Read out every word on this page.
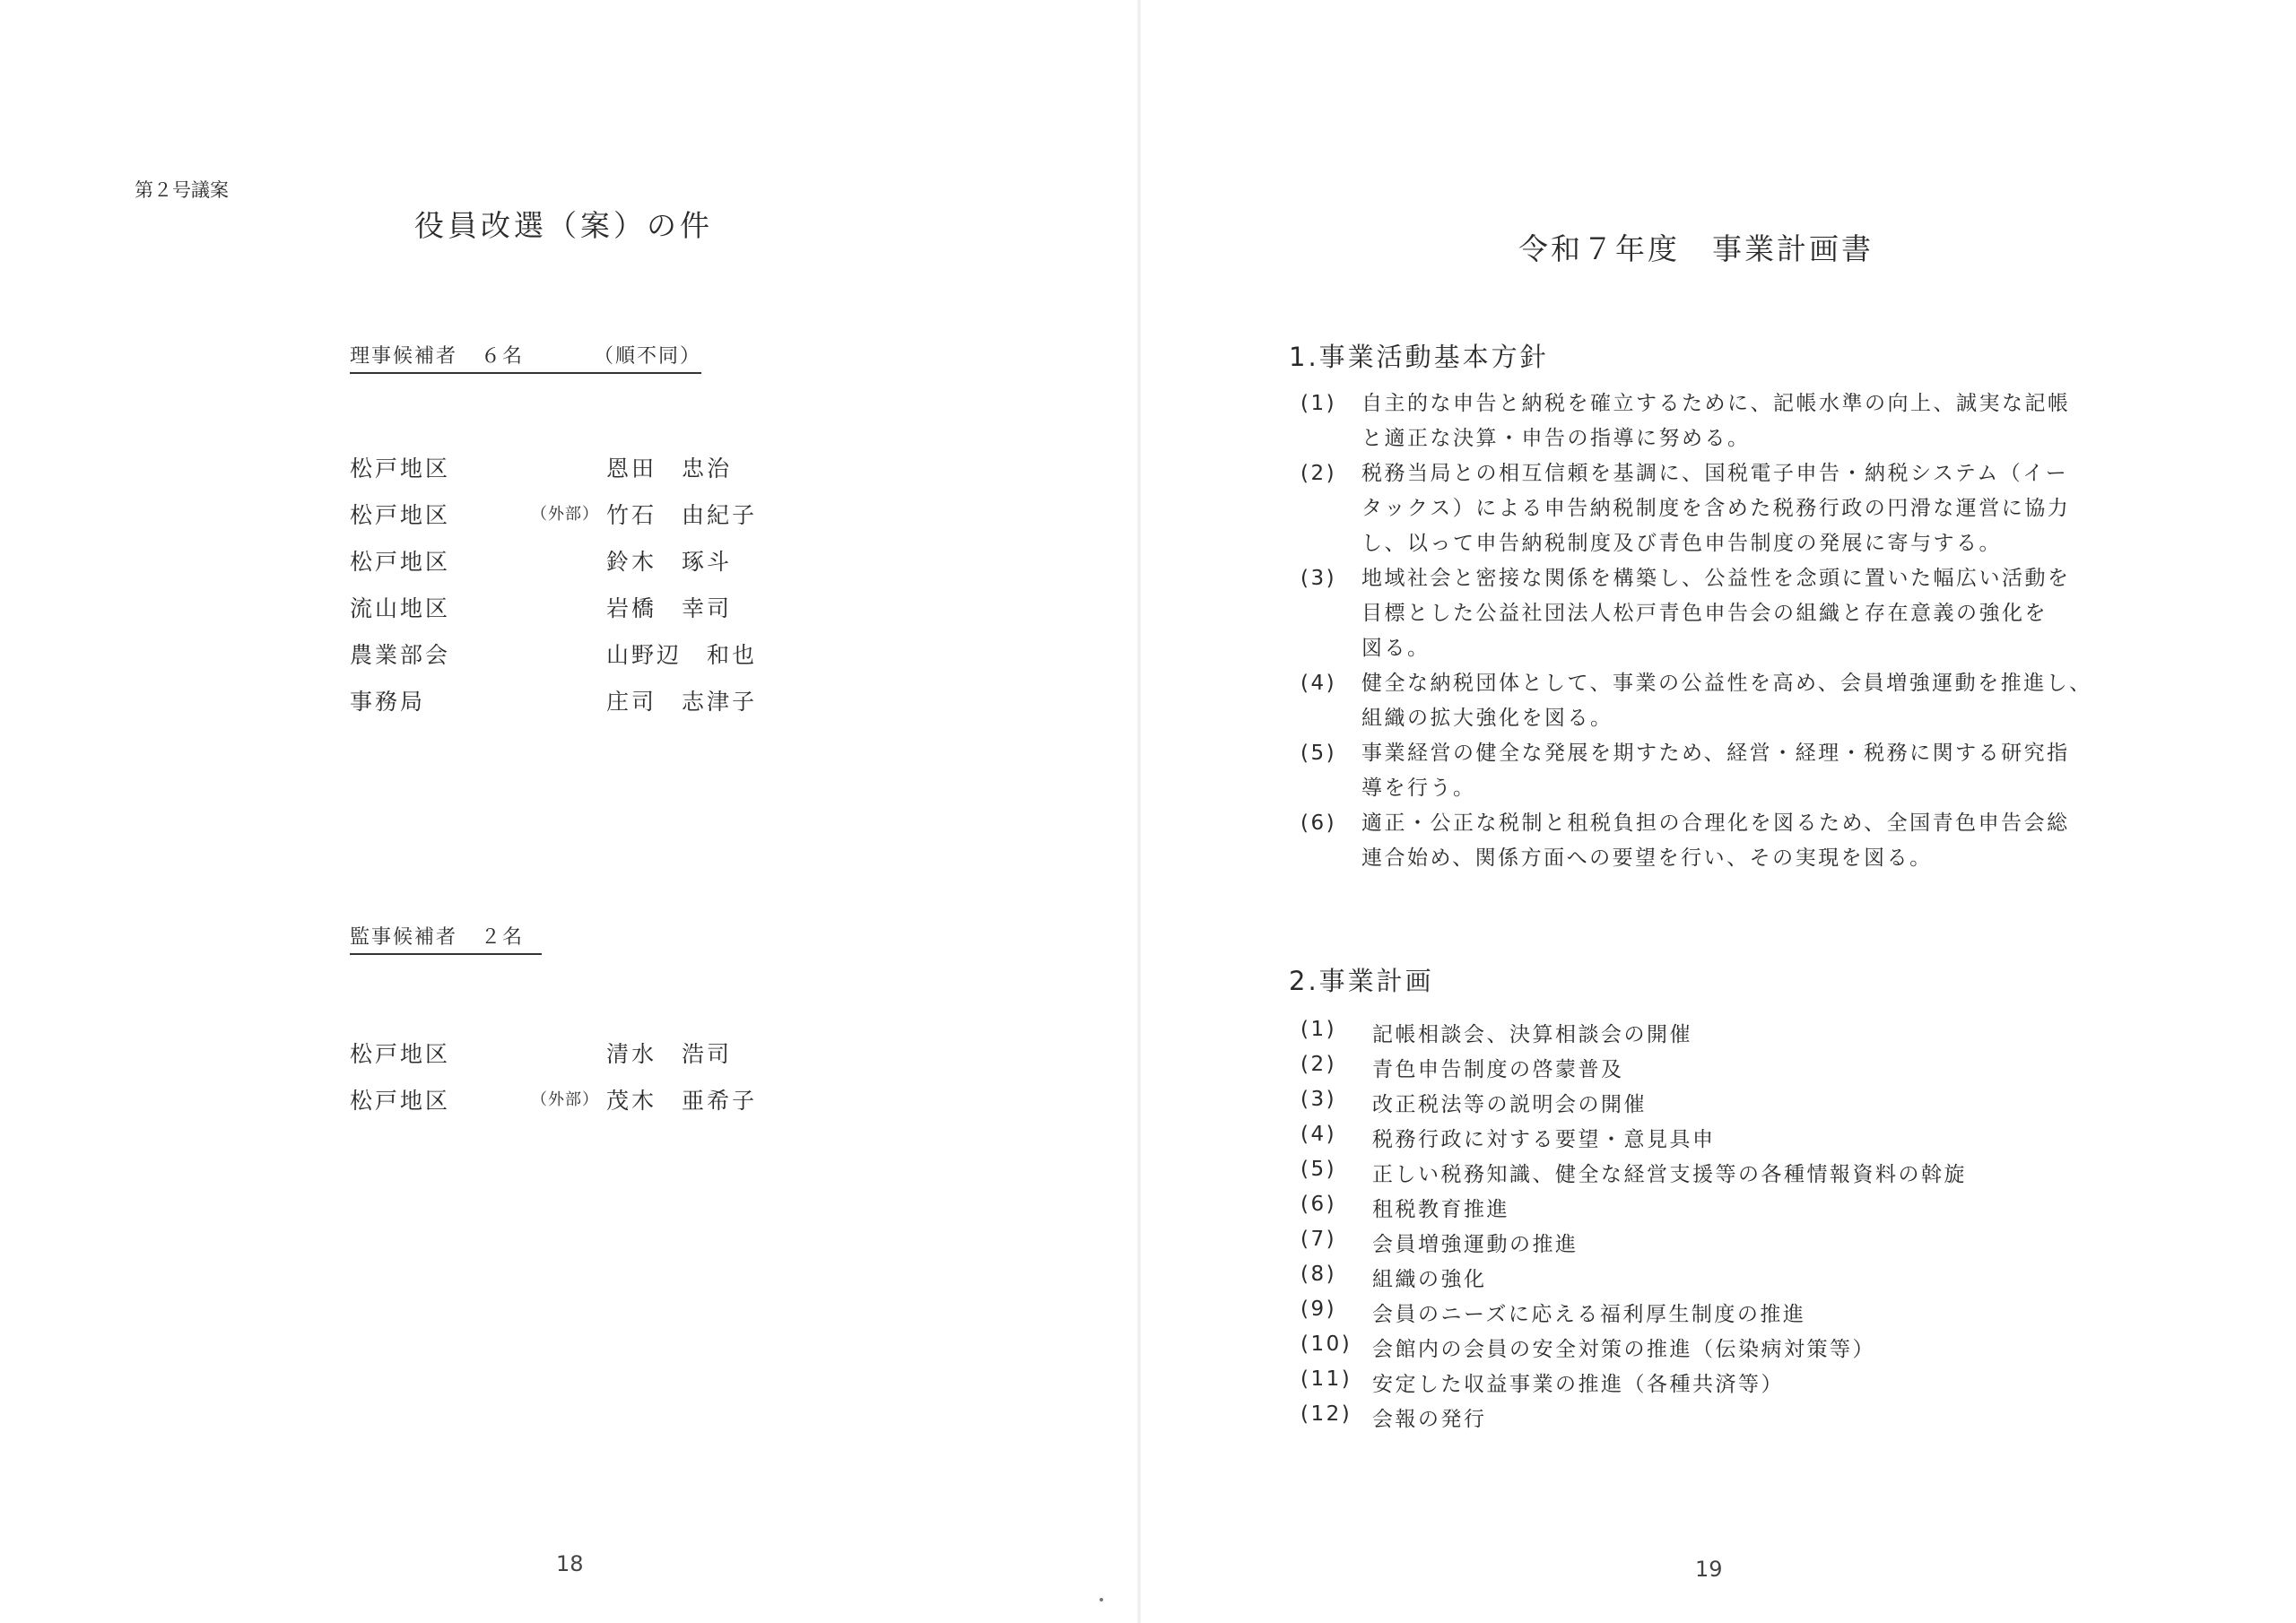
第２号議案
役員改選（案）の件
理事候補者 ６名	（順不同）
松戸地区	恩田　忠治
松戸地区	（外部） 竹石　由紀子
松戸地区	鈴木　琢斗
流山地区	岩橋　幸司
農業部会	山野辺　和也
事務局	庄司　志津子
監事候補者 ２名
松戸地区	清水　浩司
松戸地区	（外部） 茂木　亜希子
18
令和７年度　事業計画書
1.事業活動基本方針
(1) 自主的な申告と納税を確立するために、記帳水準の向上、誠実な記帳
と適正な決算・申告の指導に努める。
(2) 税務当局との相互信頼を基調に、国税電子申告・納税システム（イー
タックス）による申告納税制度を含めた税務行政の円滑な運営に協力
し、以って申告納税制度及び青色申告制度の発展に寄与する。
(3) 地域社会と密接な関係を構築し、公益性を念頭に置いた幅広い活動を
目標とした公益社団法人松戸青色申告会の組織と存在意義の強化を
図る。
(4) 健全な納税団体として、事業の公益性を高め、会員増強運動を推進し、
組織の拡大強化を図る。
(5) 事業経営の健全な発展を期すため、経営・経理・税務に関する研究指
導を行う。
(6) 適正・公正な税制と租税負担の合理化を図るため、全国青色申告会総
連合始め、関係方面への要望を行い、その実現を図る。
2.事業計画
(1) 記帳相談会、決算相談会の開催
(2) 青色申告制度の啓蒙普及
(3) 改正税法等の説明会の開催
(4) 税務行政に対する要望・意見具申
(5) 正しい税務知識、健全な経営支援等の各種情報資料の斡旋
(6) 租税教育推進
(7) 会員増強運動の推進
(8) 組織の強化
(9) 会員のニーズに応える福利厚生制度の推進
(10) 会館内の会員の安全対策の推進（伝染病対策等）
(11) 安定した収益事業の推進（各種共済等）
(12) 会報の発行
19
